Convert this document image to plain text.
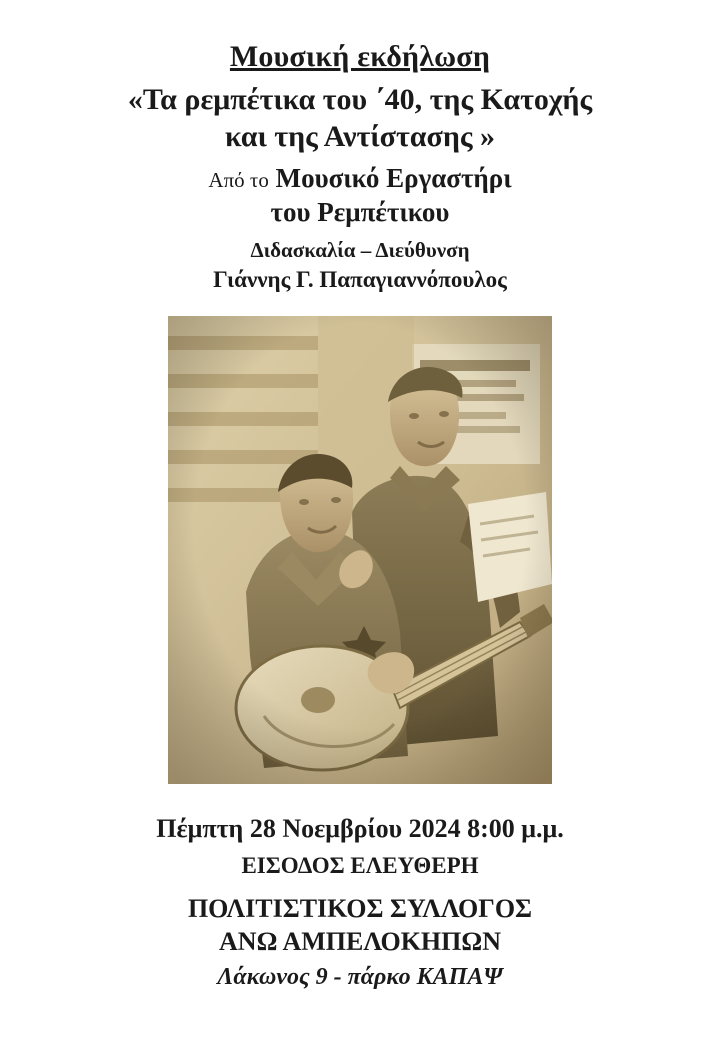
Μουσική εκδήλωση
«Τα ρεμπέτικα του ΄40, της Κατοχής
και της Αντίστασης »
Από το Μουσικό Εργαστήρι
του Ρεμπέτικου
Διδασκαλία – Διεύθυνση
Γιάννης Γ. Παπαγιαννόπουλος
Πέμπτη 28 Νοεμβρίου 2024 8:00 μ.μ.
ΕΙΣΟΔΟΣ ΕΛΕΥΘΕΡΗ
ΠΟΛΙΤΙΣΤΙΚΟΣ ΣΥΛΛΟΓΟΣ
ΑΝΩ ΑΜΠΕΛΟΚΗΠΩΝ
Λάκωνος 9 - πάρκο ΚΑΠΑΨ
